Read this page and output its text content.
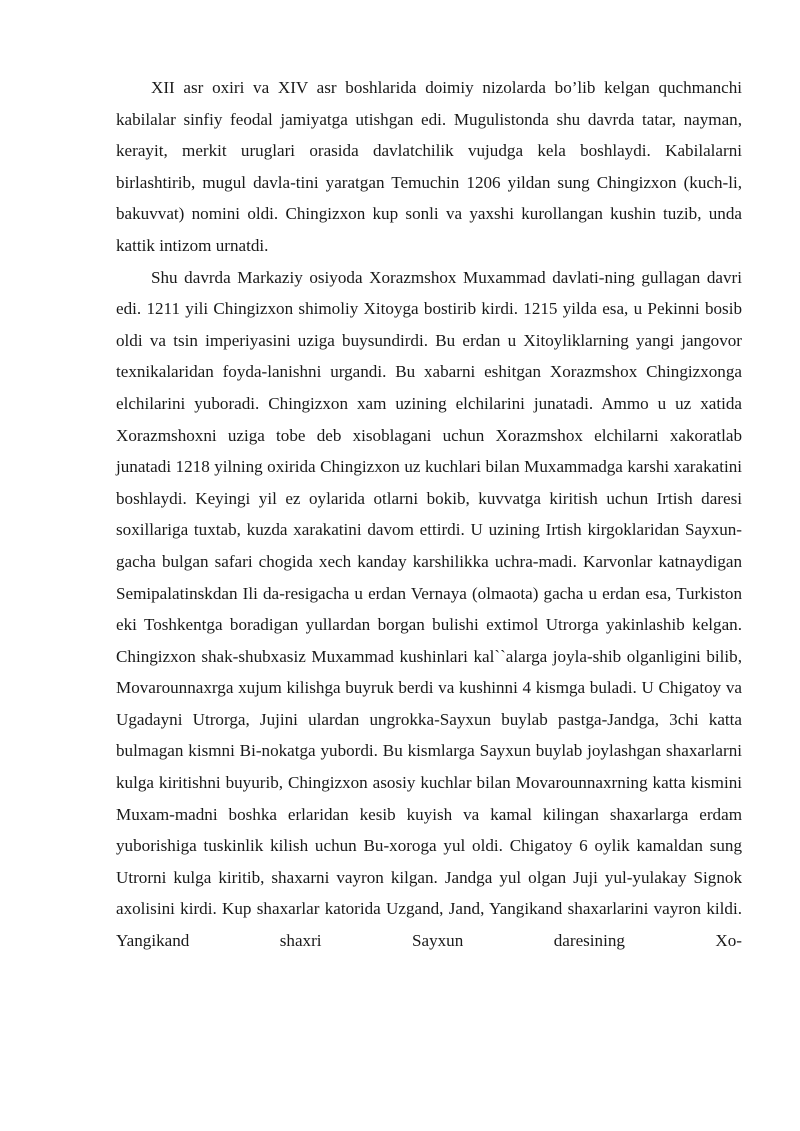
XII asr oxiri va XIV asr boshlarida doimiy nizolarda bo’lib kelgan quchmanchi kabilalar sinfiy feodal jamiyatga utishgan edi. Mugulistonda shu davrda tatar, nayman, kerayit, merkit uruglari orasida davlatchilik vujudga kela boshlaydi. Kabilalarni birlashtirib, mugul davla-tini yaratgan Temuchin 1206 yildan sung Chingizxon (kuch-li, bakuvvat) nomini oldi. Chingizxon kup sonli va yaxshi kurollangan kushin tuzib, unda kattik intizom urnatdi.

Shu davrda Markaziy osiyoda Xorazmshox Muxammad davlati-ning gullagan davri edi. 1211 yili Chingizxon shimoliy Xitoyga bostirib kirdi. 1215 yilda esa, u Pekinni bosib oldi va tsin imperiyasini uziga buysundirdi. Bu erdan u Xitoyliklarning yangi jangovor texnikalaridan foyda-lanishni urgandi. Bu xabarni eshitgan Xorazmshox Chingizxonga elchilarini yuboradi. Chingizxon xam uzining elchilarini junatadi. Ammo u uz xatida Xorazmshoxni uziga tobe deb xisoblagani uchun Xorazmshox elchilarni xakoratlab junatadi 1218 yilning oxirida Chingizxon uz kuchlari bilan Muxammadga karshi xarakatini boshlaydi. Keyingi yil ez oylarida otlarni bokib, kuvvatga kiritish uchun Irtish daresi soxillariga tuxtab, kuzda xarakatini davom ettirdi. U uzining Irtish kirgoklaridan Sayxun-gacha bulgan safari chogida xech kanday karshilikka uchra-madi. Karvonlar katnaydigan Semipalatinskdan Ili da-resigacha u erdan Vernaya (olmaota) gacha u erdan esa, Turkiston eki Toshkentga boradigan yullardan borgan bulishi extimol Utrorga yakinlashib kelgan. Chingizxon shak-shubxasiz Muxammad kushinlari kal``alarga joyla-shib olganligini bilib, Movarounnaxrga xujum kilishga buyruk berdi va kushinni 4 kismga buladi. U Chigatoy va Ugadayni Utrorga, Jujini ulardan ungrokka-Sayxun buylab pastga-Jandga, 3chi katta bulmagan kismni Bi-nokatga yubordi. Bu kismlarga Sayxun buylab joylashgan shaxarlarni kulga kiritishni buyurib, Chingizxon asosiy kuchlar bilan Movarounnaxrning katta kismini Muxam-madni boshka erlaridan kesib kuyish va kamal kilingan shaxarlarga erdam yuborishiga tuskinlik kilish uchun Bu-xoroga yul oldi. Chigatoy 6 oylik kamaldan sung Utrorni kulga kiritib, shaxarni vayron kilgan. Jandga yul olgan Juji yul-yulakay Signok axolisini kirdi. Kup shaxarlar katorida Uzgand, Jand, Yangikand shaxarlarini vayron kildi. Yangikand shaxri Sayxun daresining Xo-
